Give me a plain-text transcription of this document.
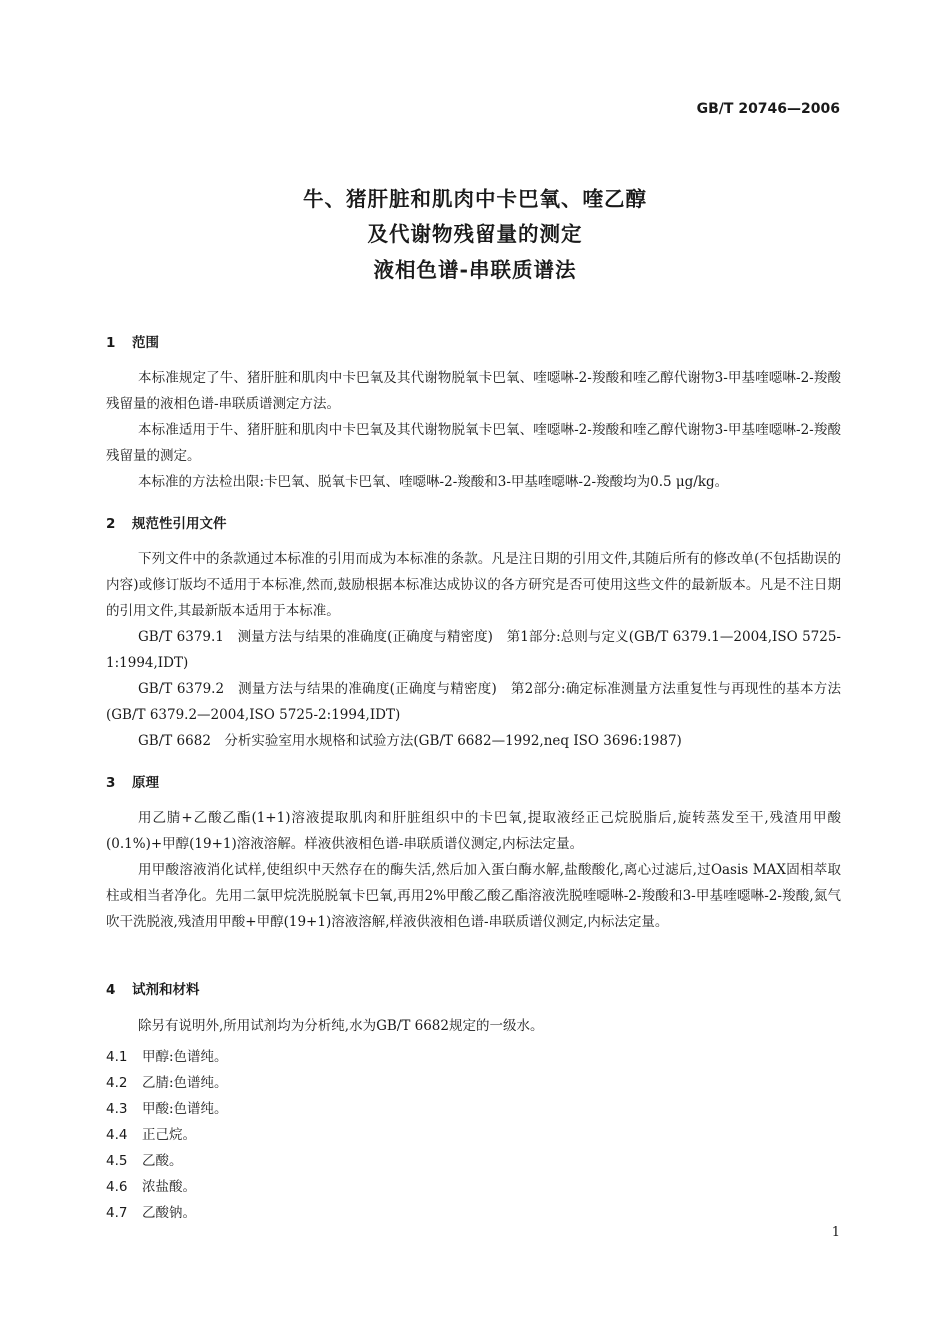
GB/T 20746—2006
牛、猪肝脏和肌肉中卡巴氧、喹乙醇
及代谢物残留量的测定
液相色谱-串联质谱法
1 范围
本标准规定了牛、猪肝脏和肌肉中卡巴氧及其代谢物脱氧卡巴氧、喹噁啉-2-羧酸和喹乙醇代谢物3-甲基喹噁啉-2-羧酸残留量的液相色谱-串联质谱测定方法。
本标准适用于牛、猪肝脏和肌肉中卡巴氧及其代谢物脱氧卡巴氧、喹噁啉-2-羧酸和喹乙醇代谢物3-甲基喹噁啉-2-羧酸残留量的测定。
本标准的方法检出限:卡巴氧、脱氧卡巴氧、喹噁啉-2-羧酸和3-甲基喹噁啉-2-羧酸均为0.5 μg/kg。
2 规范性引用文件
下列文件中的条款通过本标准的引用而成为本标准的条款。凡是注日期的引用文件,其随后所有的修改单(不包括勘误的内容)或修订版均不适用于本标准,然而,鼓励根据本标准达成协议的各方研究是否可使用这些文件的最新版本。凡是不注日期的引用文件,其最新版本适用于本标准。
GB/T 6379.1　测量方法与结果的准确度(正确度与精密度)　第1部分:总则与定义(GB/T 6379.1—2004,ISO 5725-1:1994,IDT)
GB/T 6379.2　测量方法与结果的准确度(正确度与精密度)　第2部分:确定标准测量方法重复性与再现性的基本方法(GB/T 6379.2—2004,ISO 5725-2:1994,IDT)
GB/T 6682　分析实验室用水规格和试验方法(GB/T 6682—1992,neq ISO 3696:1987)
3 原理
用乙腈+乙酸乙酯(1+1)溶液提取肌肉和肝脏组织中的卡巴氧,提取液经正己烷脱脂后,旋转蒸发至干,残渣用甲酸(0.1%)+甲醇(19+1)溶液溶解。样液供液相色谱-串联质谱仪测定,内标法定量。
用甲酸溶液消化试样,使组织中天然存在的酶失活,然后加入蛋白酶水解,盐酸酸化,离心过滤后,过Oasis MAX固相萃取柱或相当者净化。先用二氯甲烷洗脱脱氧卡巴氧,再用2%甲酸乙酸乙酯溶液洗脱喹噁啉-2-羧酸和3-甲基喹噁啉-2-羧酸,氮气吹干洗脱液,残渣用甲酸+甲醇(19+1)溶液溶解,样液供液相色谱-串联质谱仪测定,内标法定量。
4 试剂和材料
除另有说明外,所用试剂均为分析纯,水为GB/T 6682规定的一级水。
4.1 甲醇:色谱纯。
4.2 乙腈:色谱纯。
4.3 甲酸:色谱纯。
4.4 正己烷。
4.5 乙酸。
4.6 浓盐酸。
4.7 乙酸钠。
1
